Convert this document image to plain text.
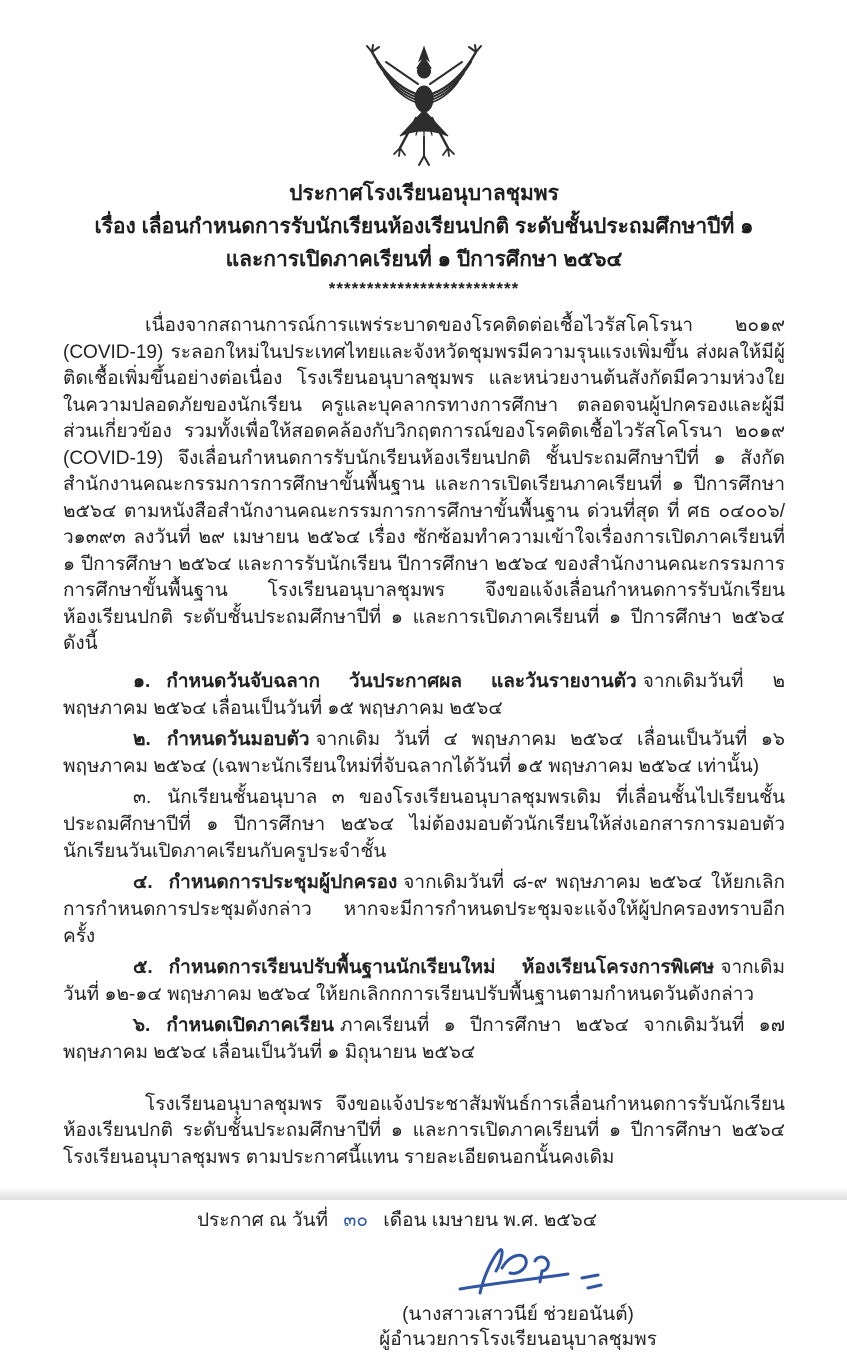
ประกาศโรงเรียนอนุบาลชุมพร
เรื่อง เลื่อนกำหนดการรับนักเรียนห้องเรียนปกติ ระดับชั้นประถมศึกษาปีที่ ๑
และการเปิดภาคเรียนที่ ๑ ปีการศึกษา ๒๕๖๔
*************************
เนื่องจากสถานการณ์การแพร่ระบาดของโรคติดต่อเชื้อไวรัสโคโรนา ๒๐๑๙ (COVID-19) ระลอกใหม่ในประเทศไทยและจังหวัดชุมพรมีความรุนแรงเพิ่มขึ้น ส่งผลให้มีผู้ติดเชื้อเพิ่มขึ้นอย่างต่อเนื่อง โรงเรียนอนุบาลชุมพร และหน่วยงานต้นสังกัดมีความห่วงใยในความปลอดภัยของนักเรียน ครูและบุคลากรทางการศึกษา ตลอดจนผู้ปกครองและผู้มีส่วนเกี่ยวข้อง รวมทั้งเพื่อให้สอดคล้องกับวิกฤตการณ์ของโรคติดเชื้อไวรัสโคโรนา ๒๐๑๙ (COVID-19) จึงเลื่อนกำหนดการรับนักเรียนห้องเรียนปกติ ชั้นประถมศึกษาปีที่ ๑ สังกัดสำนักงานคณะกรรมการการศึกษาขั้นพื้นฐาน และการเปิดเรียนภาคเรียนที่ ๑ ปีการศึกษา ๒๕๖๔ ตามหนังสือสำนักงานคณะกรรมการการศึกษาขั้นพื้นฐาน ด่วนที่สุด ที่ ศธ ๐๔๐๐๖/ว๑๓๙๓ ลงวันที่ ๒๙ เมษายน ๒๕๖๔ เรื่อง ซักซ้อมทำความเข้าใจเรื่องการเปิดภาคเรียนที่ ๑ ปีการศึกษา ๒๕๖๔ และการรับนักเรียน ปีการศึกษา ๒๕๖๔ ของสำนักงานคณะกรรมการการศึกษาขั้นพื้นฐาน โรงเรียนอนุบาลชุมพร จึงขอแจ้งเลื่อนกำหนดการรับนักเรียนห้องเรียนปกติ ระดับชั้นประถมศึกษาปีที่ ๑ และการเปิดภาคเรียนที่ ๑ ปีการศึกษา ๒๕๖๔ ดังนี้
๑. กำหนดวันจับฉลาก วันประกาศผล และวันรายงานตัว จากเดิมวันที่ ๒ พฤษภาคม ๒๕๖๔ เลื่อนเป็นวันที่ ๑๕ พฤษภาคม ๒๕๖๔
๒. กำหนดวันมอบตัว จากเดิม วันที่ ๔ พฤษภาคม ๒๕๖๔ เลื่อนเป็นวันที่ ๑๖ พฤษภาคม ๒๕๖๔ (เฉพาะนักเรียนใหม่ที่จับฉลากได้วันที่ ๑๕ พฤษภาคม ๒๕๖๔ เท่านั้น)
๓. นักเรียนชั้นอนุบาล ๓ ของโรงเรียนอนุบาลชุมพรเดิม ที่เลื่อนชั้นไปเรียนชั้นประถมศึกษาปีที่ ๑ ปีการศึกษา ๒๕๖๔ ไม่ต้องมอบตัวนักเรียนให้ส่งเอกสารการมอบตัวนักเรียนวันเปิดภาคเรียนกับครูประจำชั้น
๔. กำหนดการประชุมผู้ปกครอง จากเดิมวันที่ ๘-๙ พฤษภาคม ๒๕๖๔ ให้ยกเลิกการกำหนดการประชุมดังกล่าว หากจะมีการกำหนดประชุมจะแจ้งให้ผู้ปกครองทราบอีกครั้ง
๕. กำหนดการเรียนปรับพื้นฐานนักเรียนใหม่ ห้องเรียนโครงการพิเศษ จากเดิมวันที่ ๑๒-๑๔ พฤษภาคม ๒๕๖๔ ให้ยกเลิกกการเรียนปรับพื้นฐานตามกำหนดวันดังกล่าว
๖. กำหนดเปิดภาคเรียน ภาคเรียนที่ ๑ ปีการศึกษา ๒๕๖๔ จากเดิมวันที่ ๑๗ พฤษภาคม ๒๕๖๔ เลื่อนเป็นวันที่ ๑ มิถุนายน ๒๕๖๔
โรงเรียนอนุบาลชุมพร จึงขอแจ้งประชาสัมพันธ์การเลื่อนกำหนดการรับนักเรียนห้องเรียนปกติ ระดับชั้นประถมศึกษาปีที่ ๑ และการเปิดภาคเรียนที่ ๑ ปีการศึกษา ๒๕๖๔ โรงเรียนอนุบาลชุมพร ตามประกาศนี้แทน รายละเอียดนอกนั้นคงเดิม
ประกาศ ณ วันที่ ๓๐ เดือน เมษายน พ.ศ. ๒๕๖๔
(นางสาวเสาวนีย์ ช่วยอนันต์)
ผู้อำนวยการโรงเรียนอนุบาลชุมพร
